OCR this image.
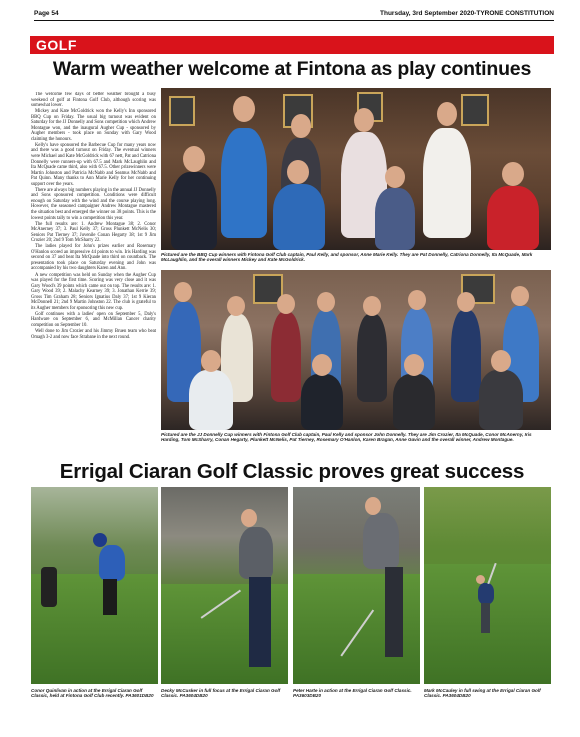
Page 54	Thursday, 3rd September 2020-TYRONE CONSTITUTION
GOLF
Warm weather welcome at Fintona as play continues

The welcome few days of better weather brought a busy weekend of golf at Fintona Golf Club, although scoring was somewhat lower.

Mickey and Kate McGoldrick won the Kelly's Inn sponsored BBQ Cup on Friday. The usual big turnout was evident on Saturday for the JJ Donnelly and Sons competition which Andrew Montague won, and the inaugural Augher Cup - sponsored by Augher members - took place on Sunday with Gary Wood claiming the honours.

Kelly's have sponsored the Barbecue Cup for many years now and there was a good turnout on Friday. The eventual winners were Michael and Kate McGoldrick with 67 nett, Pat and Catriona Donnelly were runners-up with 67.5 and Mark McLaughlin and Ita McQuade came third, also with 67.5. Other prizewinners were Martin Johnston and Patricia McNabb and Seamus McNabb and Pat Quinn. Many thanks to Ann Marie Kelly for her continuing support over the years.

There are always big numbers playing in the annual JJ Donnelly and Sons sponsored competition. Conditions were difficult enough on Saturday with the wind and the course playing long. However, the seasoned campaigner Andrew Montague mastered the situation best and emerged the winner on 38 points. This is the lowest points tally to win a competition this year.

The full results are: 1. Andrew Montague 38; 2. Conor McAnerney 37; 3. Paul Kelly 37; Gross Plunkett McNelis 30; Seniors Pat Tierney 37; Juvenile Conan Hegarty 38; 1st 9 Jim Crozier 20; 2nd 9 Tom McSharry 22.

The ladies played for John's prizes earlier and Rosemary O'Hanlon scored an impressive 44 points to win. Iris Harding was second on 37 and beat Ita McQuade into third on countback. The presentation took place on Saturday evening and John was accompanied by his two daughters Karen and Ann.

A new competition was held on Sunday when the Augher Cup was played for the first time. Scoring was very close and it was Gary Wood's 39 points which came out on top. The results are: 1. Gary Wood 39; 2. Malachy Kearney 39; 3. Jonathan Kerrie 39; Gross Tim Graham 28; Seniors Ignatius Daly 37; 1st 9 Kieran McDonnell 21; 2nd 9 Martin Johnston 22. The club is grateful to its Augher members for sponsoring this new cup.

Golf continues with a ladies' open on September 5, Daly's Hardware on September 6, and McMillan Cancer charity competition on September 10.

Well done to Jim Crozier and his Jimmy Bruen team who beat Omagh 3-2 and now face Strabane in the next round.

Pictured are the BBQ Cup winners with Fintona Golf Club captain, Paul Kelly, and sponsor, Anne Marie Kelly. They are Pat Donnelly, Catriona Donnelly, Ita McQuade, Mark McLaughlin, and the overall winners Mickey and Kate McGoldrick.
Pictured are the JJ Donnelly Cup winners with Fintona Golf Club captain, Paul Kelly and sponsor John Donnelly. They are Jim Crozier, Ita McQuade, Conor McAnerny, Iris Harding, Tom McSharry, Conan Hegarty, Plunkett McNelis, Pat Tierney, Rosemary O'Hanlon, Karen Bragan, Anne Gavin and the overall winner, Andrew Montague.
Errigal Ciaran Golf Classic proves great success
Conor Quinlivan in action at the Errigal Ciaran Golf Classic, held at Fintona Golf Club recently. PA3601DB20
Decky McCusker in full focus at the Errigal Ciaran Golf Classic. PA3604DB20
Peter Harte in action at the Errigal Ciaran Golf Classic. PA3603DB20
Mark McCauley in full swing at the Errigal Ciaran Golf Classic. PA3604DB20
